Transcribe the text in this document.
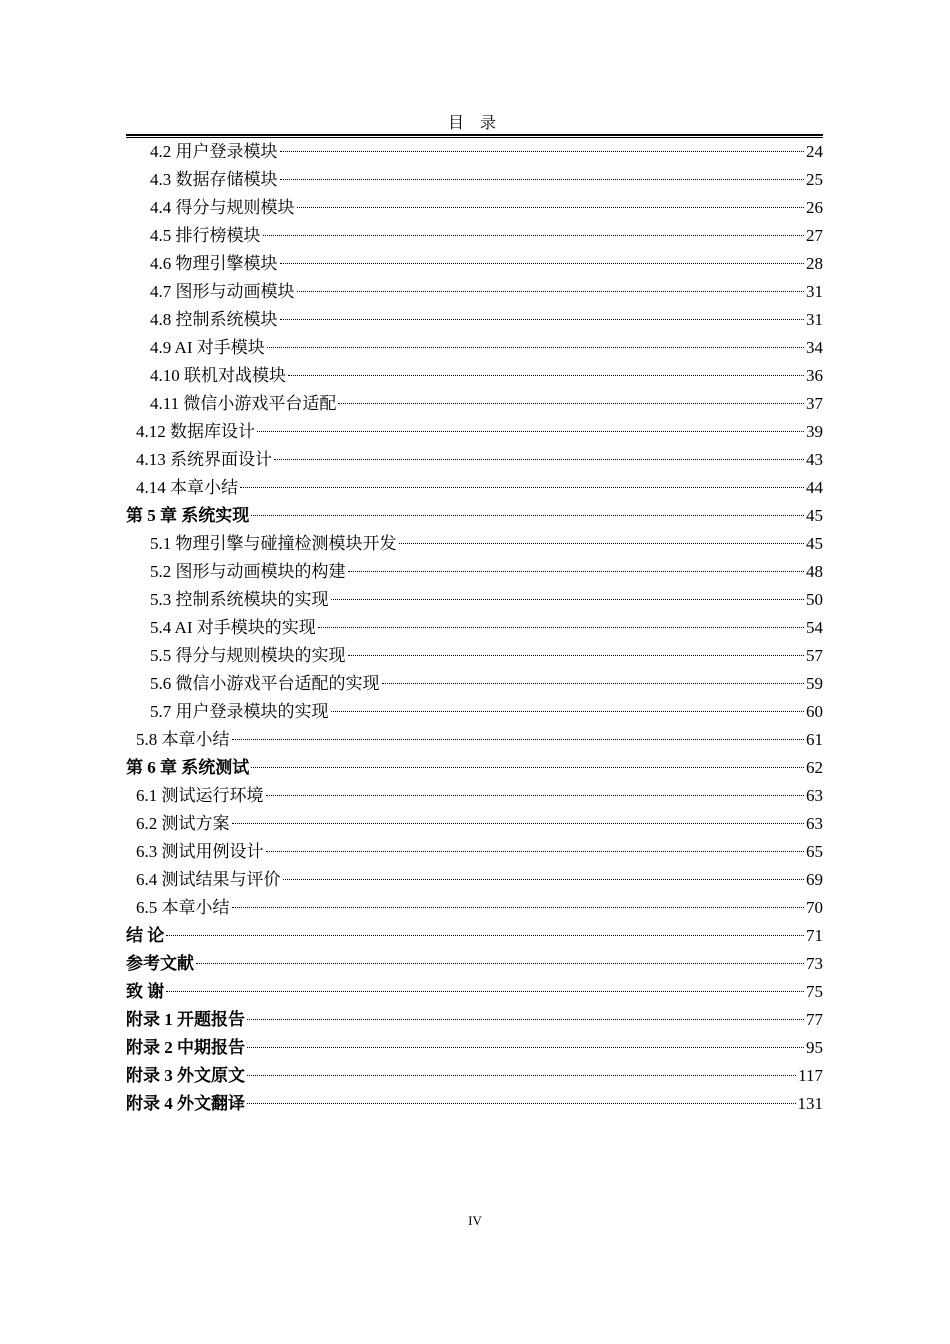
目 录
4.2 用户登录模块	24
4.3 数据存储模块	25
4.4 得分与规则模块	26
4.5 排行榜模块	27
4.6 物理引擎模块	28
4.7 图形与动画模块	31
4.8 控制系统模块	31
4.9 AI 对手模块	34
4.10 联机对战模块	36
4.11 微信小游戏平台适配	37
4.12 数据库设计	39
4.13 系统界面设计	43
4.14 本章小结	44
第 5 章 系统实现	45
5.1 物理引擎与碰撞检测模块开发	45
5.2 图形与动画模块的构建	48
5.3 控制系统模块的实现	50
5.4 AI 对手模块的实现	54
5.5 得分与规则模块的实现	57
5.6 微信小游戏平台适配的实现	59
5.7 用户登录模块的实现	60
5.8 本章小结	61
第 6 章 系统测试	62
6.1 测试运行环境	63
6.2 测试方案	63
6.3 测试用例设计	65
6.4 测试结果与评价	69
6.5 本章小结	70
结 论	71
参考文献	73
致 谢	75
附录 1 开题报告	77
附录 2 中期报告	95
附录 3 外文原文	117
附录 4 外文翻译	131
IV
